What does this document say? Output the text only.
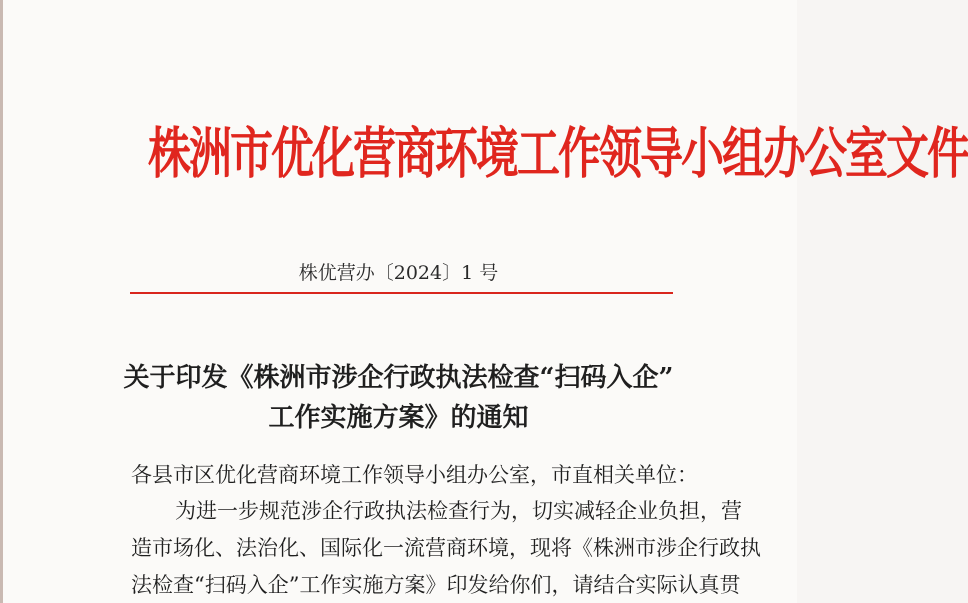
株洲市优化营商环境工作领导小组办公室文件
株优营办〔2024〕1 号
关于印发《株洲市涉企行政执法检查“扫码入企”
工作实施方案》的通知
各县市区优化营商环境工作领导小组办公室，市直相关单位：
为进一步规范涉企行政执法检查行为，切实减轻企业负担，营
造市场化、法治化、国际化一流营商环境，现将《株洲市涉企行政执
法检查“扫码入企”工作实施方案》印发给你们，请结合实际认真贯
